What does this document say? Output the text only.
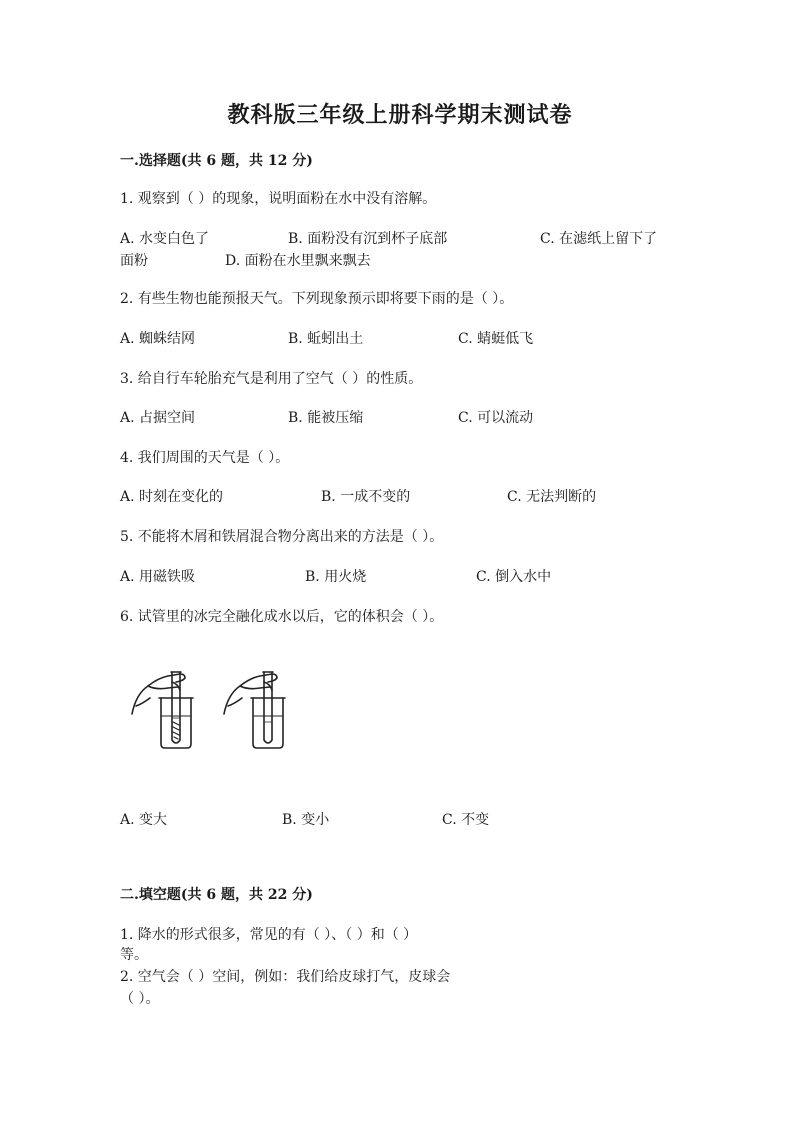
教科版三年级上册科学期末测试卷
一.选择题(共 6 题，共 12 分)
1. 观察到（ ）的现象，说明面粉在水中没有溶解。
A. 水变白色了	B. 面粉没有沉到杯子底部	C. 在滤纸上留下了
面粉	D. 面粉在水里飘来飘去
2. 有些生物也能预报天气。下列现象预示即将要下雨的是（ ）。
A. 蜘蛛结网	B. 蚯蚓出土	C. 蜻蜓低飞
3. 给自行车轮胎充气是利用了空气（ ）的性质。
A. 占据空间	B. 能被压缩	C. 可以流动
4. 我们周围的天气是（ ）。
A. 时刻在变化的	B. 一成不变的	C. 无法判断的
5. 不能将木屑和铁屑混合物分离出来的方法是（ ）。
A. 用磁铁吸	B. 用火烧	C. 倒入水中
6. 试管里的冰完全融化成水以后，它的体积会（ ）。
A. 变大	B. 变小	C. 不变
二.填空题(共 6 题，共 22 分)
1. 降水的形式很多，常见的有（ ）、（ ）和（ ）
等。
2. 空气会（ ）空间，例如：我们给皮球打气，皮球会
（ ）。
